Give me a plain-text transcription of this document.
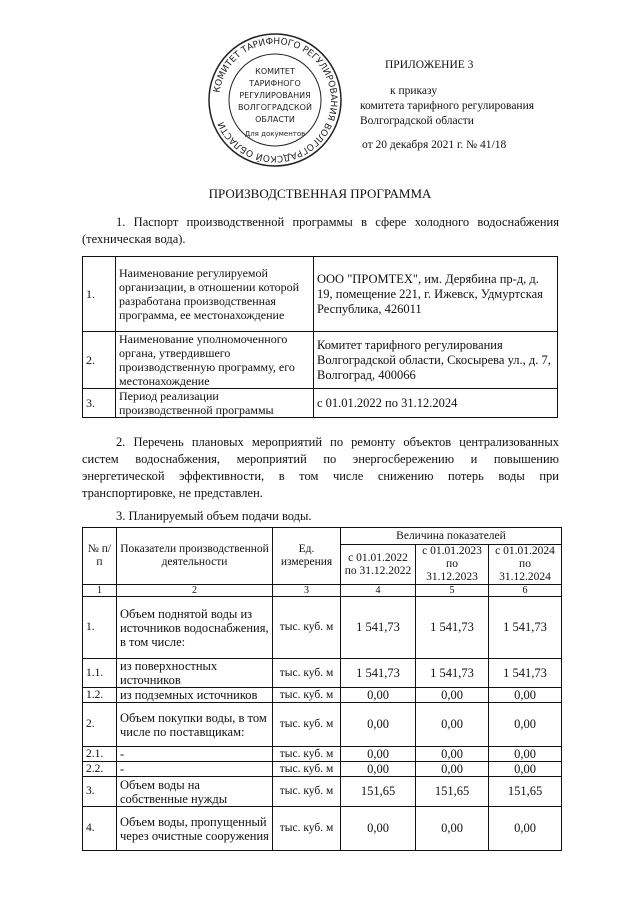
КОМИТЕТ ТАРИФНОГО РЕГУЛИРОВАНИЯ ВОЛГОГРАДСКОЙ ОБЛАСТИ
КОМИТЕТ
ТАРИФНОГО
РЕГУЛИРОВАНИЯ
ВОЛГОГРАДСКОЙ
ОБЛАСТИ
Для документов
ПРИЛОЖЕНИЕ 3
к приказу
комитета тарифного регулирования
Волгоградской области
от 20 декабря 2021 г. № 41/18
ПРОИЗВОДСТВЕННАЯ ПРОГРАММА

1. Паспорт производственной программы в сфере холодного водоснабжения (техническая вода).

1.	Наименование регулируемой организации, в отношении которой разработана производственная программа, ее местонахождение	ООО "ПРОМТЕХ", им. Дерябина пр-д, д. 19, помещение 221, г. Ижевск, Удмуртская Республика, 426011
2.	Наименование уполномоченного органа, утвердившего производственную программу, его местонахождение	Комитет тарифного регулирования Волгоградской области, Скосырева ул., д. 7, Волгоград, 400066
3.	Период реализации производственной программы	с 01.01.2022 по 31.12.2024

2. Перечень плановых мероприятий по ремонту объектов централизованных систем водоснабжения, мероприятий по энергосбережению и повышению энергетической эффективности, в том числе снижению потерь воды при транспортировке, не представлен.

3. Планируемый объем подачи воды.

№ п/п	Показатели производственной деятельности	Ед. измерения	Величина показателей		
			с 01.01.2022 по 31.12.2022	с 01.01.2023 по 31.12.2023	с 01.01.2024 по 31.12.2024
1	2	3	4	5	6
1.	Объем поднятой воды из источников водоснабжения, в том числе:	тыс. куб. м	1 541,73	1 541,73	1 541,73
1.1.	из поверхностных источников	тыс. куб. м	1 541,73	1 541,73	1 541,73
1.2.	из подземных источников	тыс. куб. м	0,00	0,00	0,00
2.	Объем покупки воды, в том числе по поставщикам:	тыс. куб. м	0,00	0,00	0,00
2.1.	-	тыс. куб. м	0,00	0,00	0,00
2.2.	-	тыс. куб. м	0,00	0,00	0,00
3.	Объем воды на собственные нужды	тыс. куб. м	151,65	151,65	151,65
4.	Объем воды, пропущенный через очистные сооружения	тыс. куб. м	0,00	0,00	0,00
